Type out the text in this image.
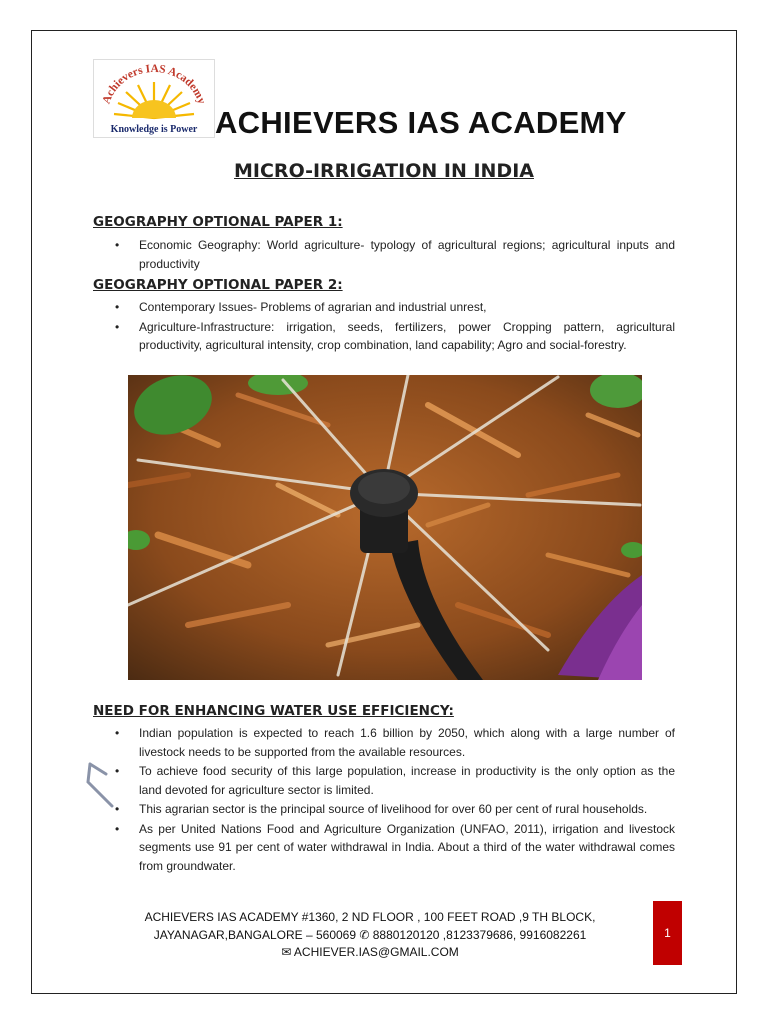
Achievers IAS Academy
Knowledge is Power ACHIEVERS IAS ACADEMY
MICRO-IRRIGATION IN INDIA
GEOGRAPHY OPTIONAL PAPER 1:
• Economic Geography: World agriculture- typology of agricultural regions; agricultural inputs and productivity
GEOGRAPHY OPTIONAL PAPER 2:
• Contemporary Issues- Problems of agrarian and industrial unrest,
• Agriculture-Infrastructure: irrigation, seeds, fertilizers, power Cropping pattern, agricultural productivity, agricultural intensity, crop combination, land capability; Agro and social-forestry.
NEED FOR ENHANCING WATER USE EFFICIENCY:
• Indian population is expected to reach 1.6 billion by 2050, which along with a large number of livestock needs to be supported from the available resources.
• To achieve food security of this large population, increase in productivity is the only option as the land devoted for agriculture sector is limited.
• This agrarian sector is the principal source of livelihood for over 60 per cent of rural households.
• As per United Nations Food and Agriculture Organization (UNFAO, 2011), irrigation and livestock segments use 91 per cent of water withdrawal in India. About a third of the water withdrawal comes from groundwater.
ACHIEVERS IAS ACADEMY #1360, 2 ND FLOOR , 100 FEET ROAD ,9 TH BLOCK,
JAYANAGAR,BANGALORE – 560069 ✆ 8880120120 ,8123379686, 9916082261
✉ ACHIEVER.IAS@GMAIL.COM
1
